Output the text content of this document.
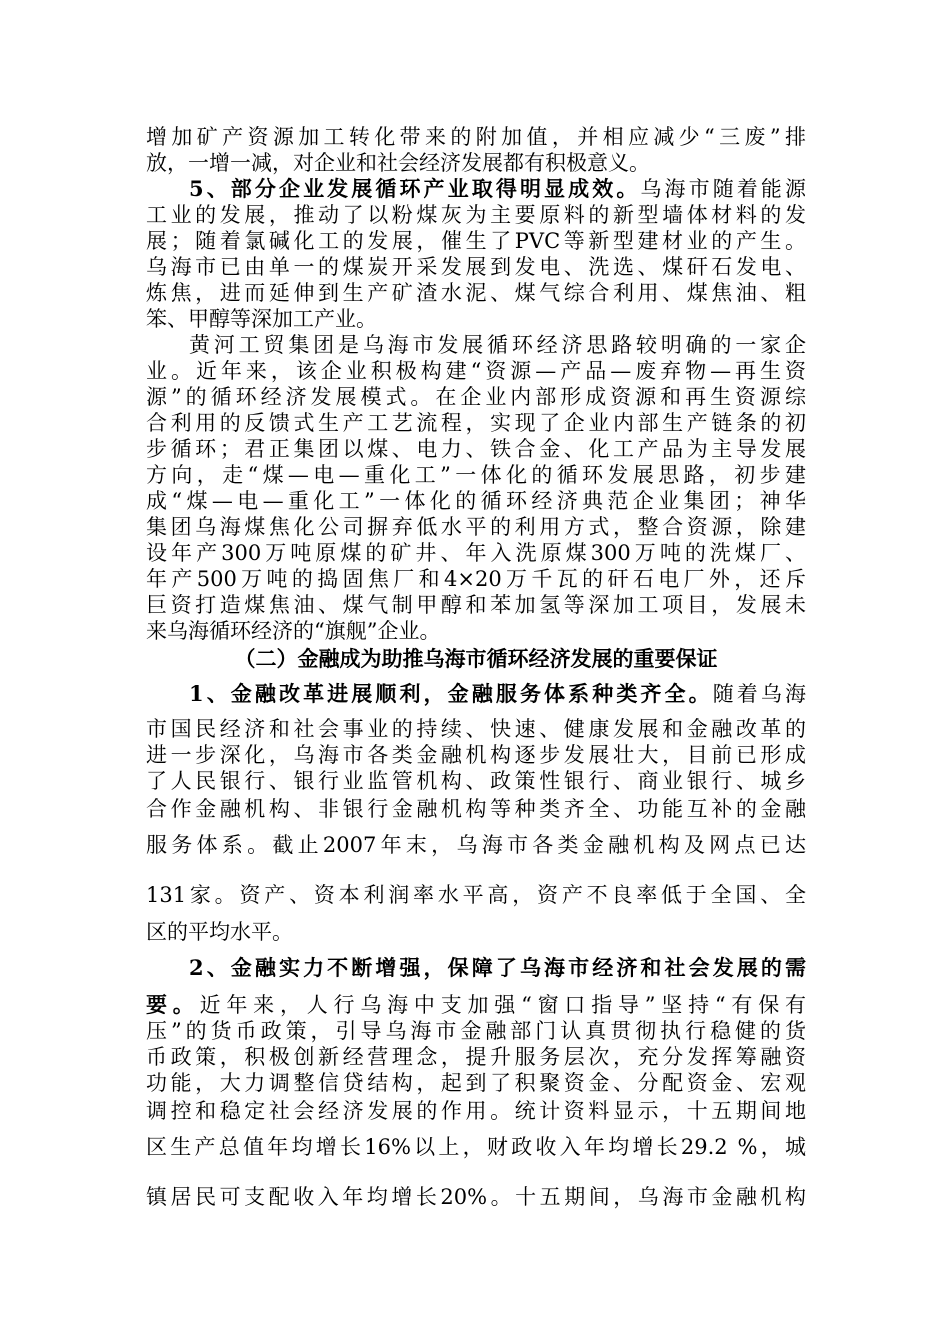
增加矿产资源加工转化带来的附加值，并相应减少“三废”排
放，一增一减，对企业和社会经济发展都有积极意义。
5、部分企业发展循环产业取得明显成效。乌海市随着能源
工业的发展，推动了以粉煤灰为主要原料的新型墙体材料的发
展；随着氯碱化工的发展，催生了PVC等新型建材业的产生。
乌海市已由单一的煤炭开采发展到发电、洗选、煤矸石发电、
炼焦，进而延伸到生产矿渣水泥、煤气综合利用、煤焦油、粗
笨、甲醇等深加工产业。
黄河工贸集团是乌海市发展循环经济思路较明确的一家企
业。近年来，该企业积极构建“资源—产品—废弃物—再生资
源”的循环经济发展模式。在企业内部形成资源和再生资源综
合利用的反馈式生产工艺流程，实现了企业内部生产链条的初
步循环；君正集团以煤、电力、铁合金、化工产品为主导发展
方向，走“煤—电—重化工”一体化的循环发展思路，初步建
成“煤—电—重化工”一体化的循环经济典范企业集团；神华
集团乌海煤焦化公司摒弃低水平的利用方式，整合资源，除建
设年产300万吨原煤的矿井、年入洗原煤300万吨的洗煤厂、
年产500万吨的捣固焦厂和4×20万千瓦的矸石电厂外，还斥
巨资打造煤焦油、煤气制甲醇和苯加氢等深加工项目，发展未
来乌海循环经济的“旗舰”企业。
（二）金融成为助推乌海市循环经济发展的重要保证
1、金融改革进展顺利，金融服务体系种类齐全。随着乌海
市国民经济和社会事业的持续、快速、健康发展和金融改革的
进一步深化，乌海市各类金融机构逐步发展壮大，目前已形成
了人民银行、银行业监管机构、政策性银行、商业银行、城乡
合作金融机构、非银行金融机构等种类齐全、功能互补的金融
服务体系。截止2007年末，乌海市各类金融机构及网点已达
131家。资产、资本利润率水平高，资产不良率低于全国、全
区的平均水平。
2、金融实力不断增强，保障了乌海市经济和社会发展的需
要。近年来，人行乌海中支加强“窗口指导”坚持“有保有
压”的货币政策，引导乌海市金融部门认真贯彻执行稳健的货
币政策，积极创新经营理念，提升服务层次，充分发挥筹融资
功能，大力调整信贷结构，起到了积聚资金、分配资金、宏观
调控和稳定社会经济发展的作用。统计资料显示，十五期间地
区生产总值年均增长16%以上，财政收入年均增长29.2 %，城
镇居民可支配收入年均增长20%。十五期间，乌海市金融机构
